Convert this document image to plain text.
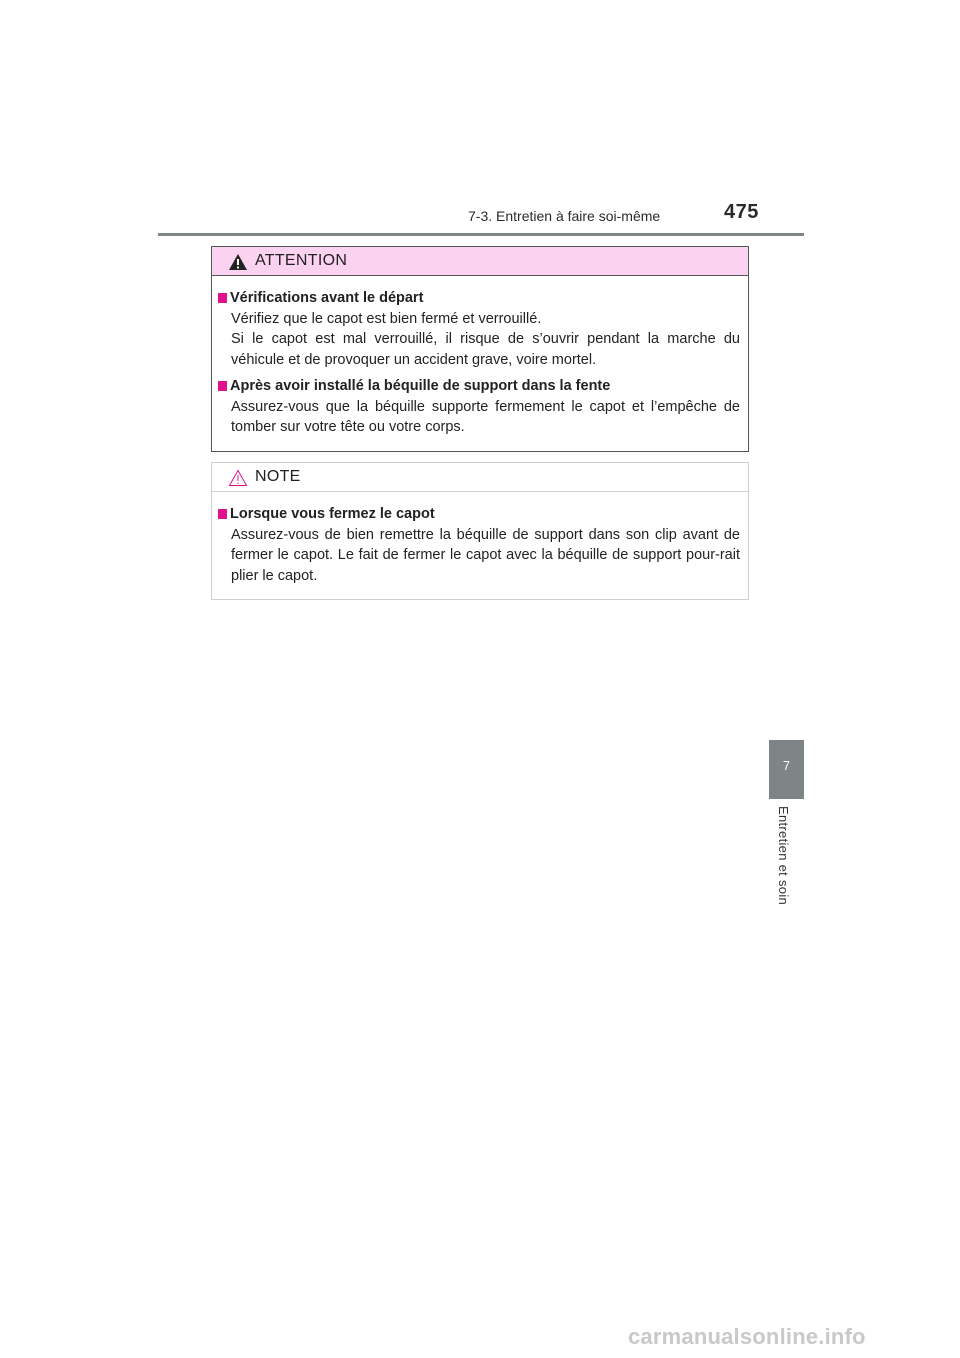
7-3. Entretien à faire soi-même	475
ATTENTION
Vérifications avant le départ
Vérifiez que le capot est bien fermé et verrouillé.
Si le capot est mal verrouillé, il risque de s’ouvrir pendant la marche du véhicule et de provoquer un accident grave, voire mortel.
Après avoir installé la béquille de support dans la fente
Assurez-vous que la béquille supporte fermement le capot et l’empêche de tomber sur votre tête ou votre corps.
NOTE
Lorsque vous fermez le capot
Assurez-vous de bien remettre la béquille de support dans son clip avant de fermer le capot. Le fait de fermer le capot avec la béquille de support pour-rait plier le capot.
7
Entretien et soin
carmanualsonline.info
